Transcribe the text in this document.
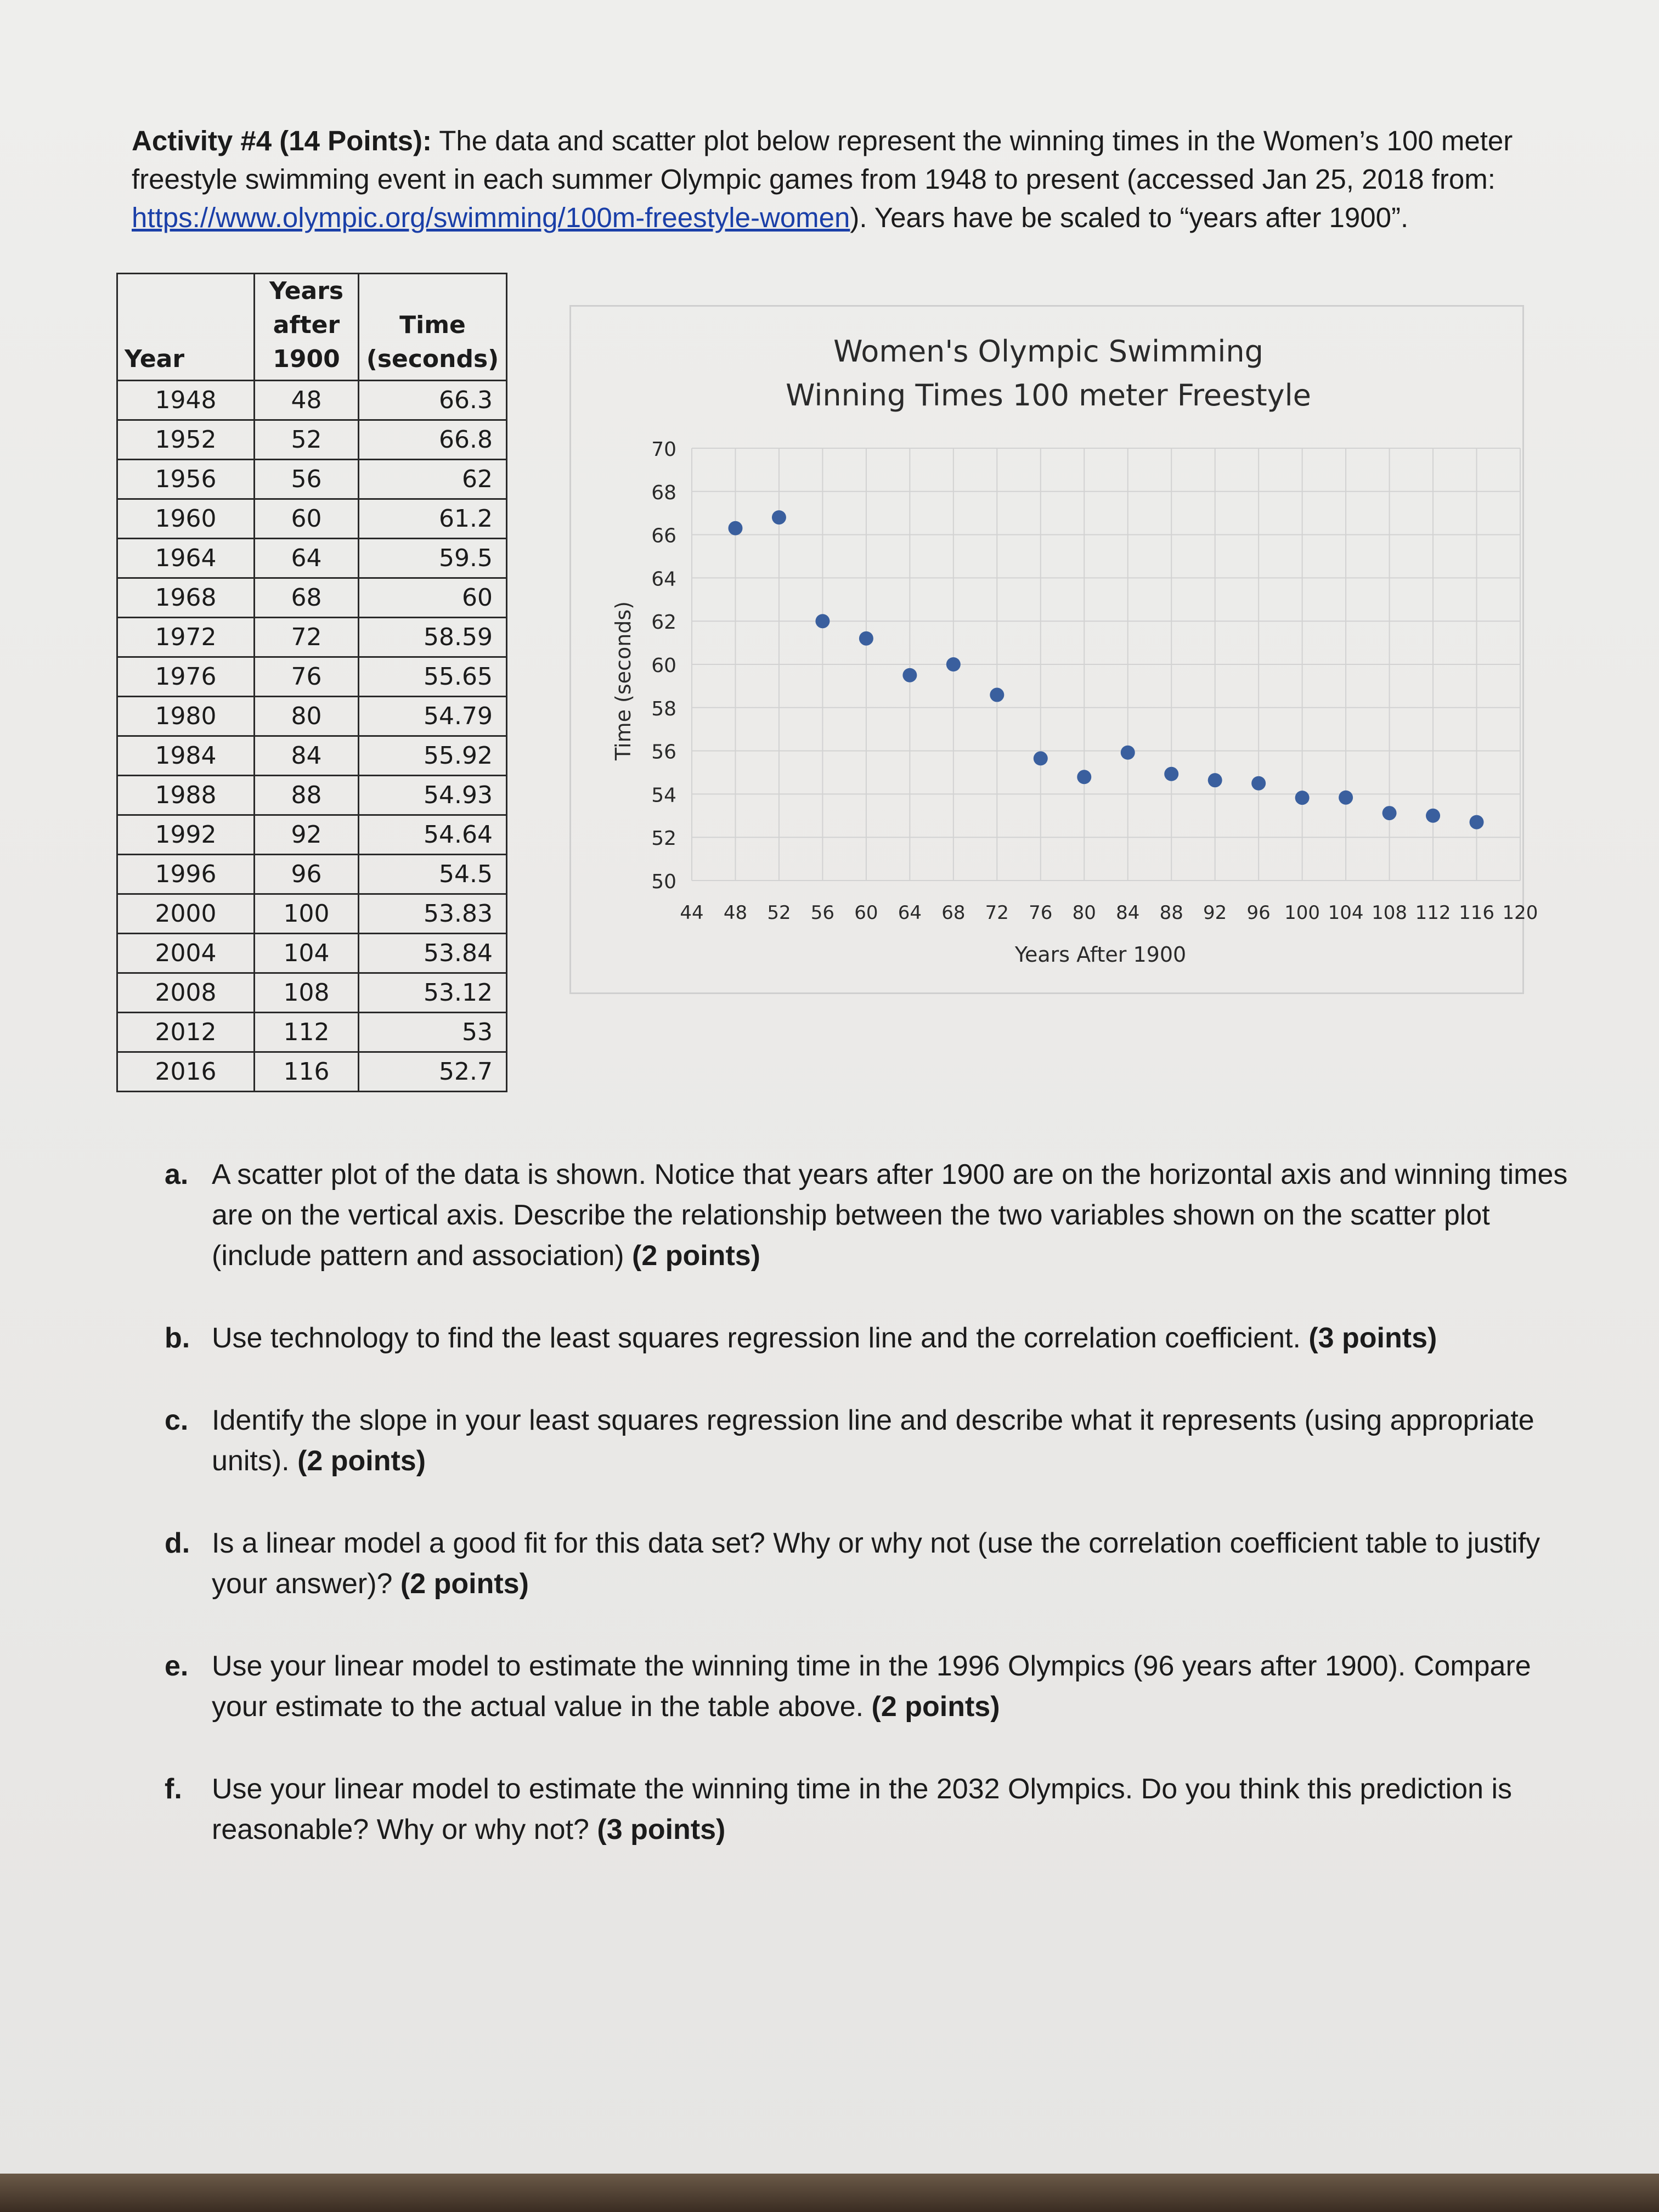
Activity #4 (14 Points): The data and scatter plot below represent the winning times in the Women’s 100 meter freestyle swimming event in each summer Olympic games from 1948 to present (accessed Jan 25, 2018 from: https://www.olympic.org/swimming/100m-freestyle-women). Years have be scaled to “years after 1900”.
Year	Years
after
1900	Time
(seconds)

1948	48	66.3
1952	52	66.8
1956	56	62
1960	60	61.2
1964	64	59.5
1968	68	60
1972	72	58.59
1976	76	55.65
1980	80	54.79
1984	84	55.92
1988	88	54.93
1992	92	54.64
1996	96	54.5
2000	100	53.83
2004	104	53.84
2008	108	53.12
2012	112	53
2016	116	52.7
Women's Olympic Swimming
Winning Times 100 meter Freestyle
50
52
54
56
58
60
62
64
66
68
70
44 48 52 56 60 64 68 72 76 80 84 88 92 96 100 104 108 112 116 120
Years After 1900
Time (seconds)
a. A scatter plot of the data is shown. Notice that years after 1900 are on the horizontal axis and winning times are on the vertical axis. Describe the relationship between the two variables shown on the scatter plot (include pattern and association) (2 points)
b. Use technology to find the least squares regression line and the correlation coefficient. (3 points)
c. Identify the slope in your least squares regression line and describe what it represents (using appropriate units). (2 points)
d. Is a linear model a good fit for this data set? Why or why not (use the correlation coefficient table to justify your answer)? (2 points)
e. Use your linear model to estimate the winning time in the 1996 Olympics (96 years after 1900). Compare your estimate to the actual value in the table above. (2 points)
f. Use your linear model to estimate the winning time in the 2032 Olympics. Do you think this prediction is reasonable? Why or why not? (3 points)
